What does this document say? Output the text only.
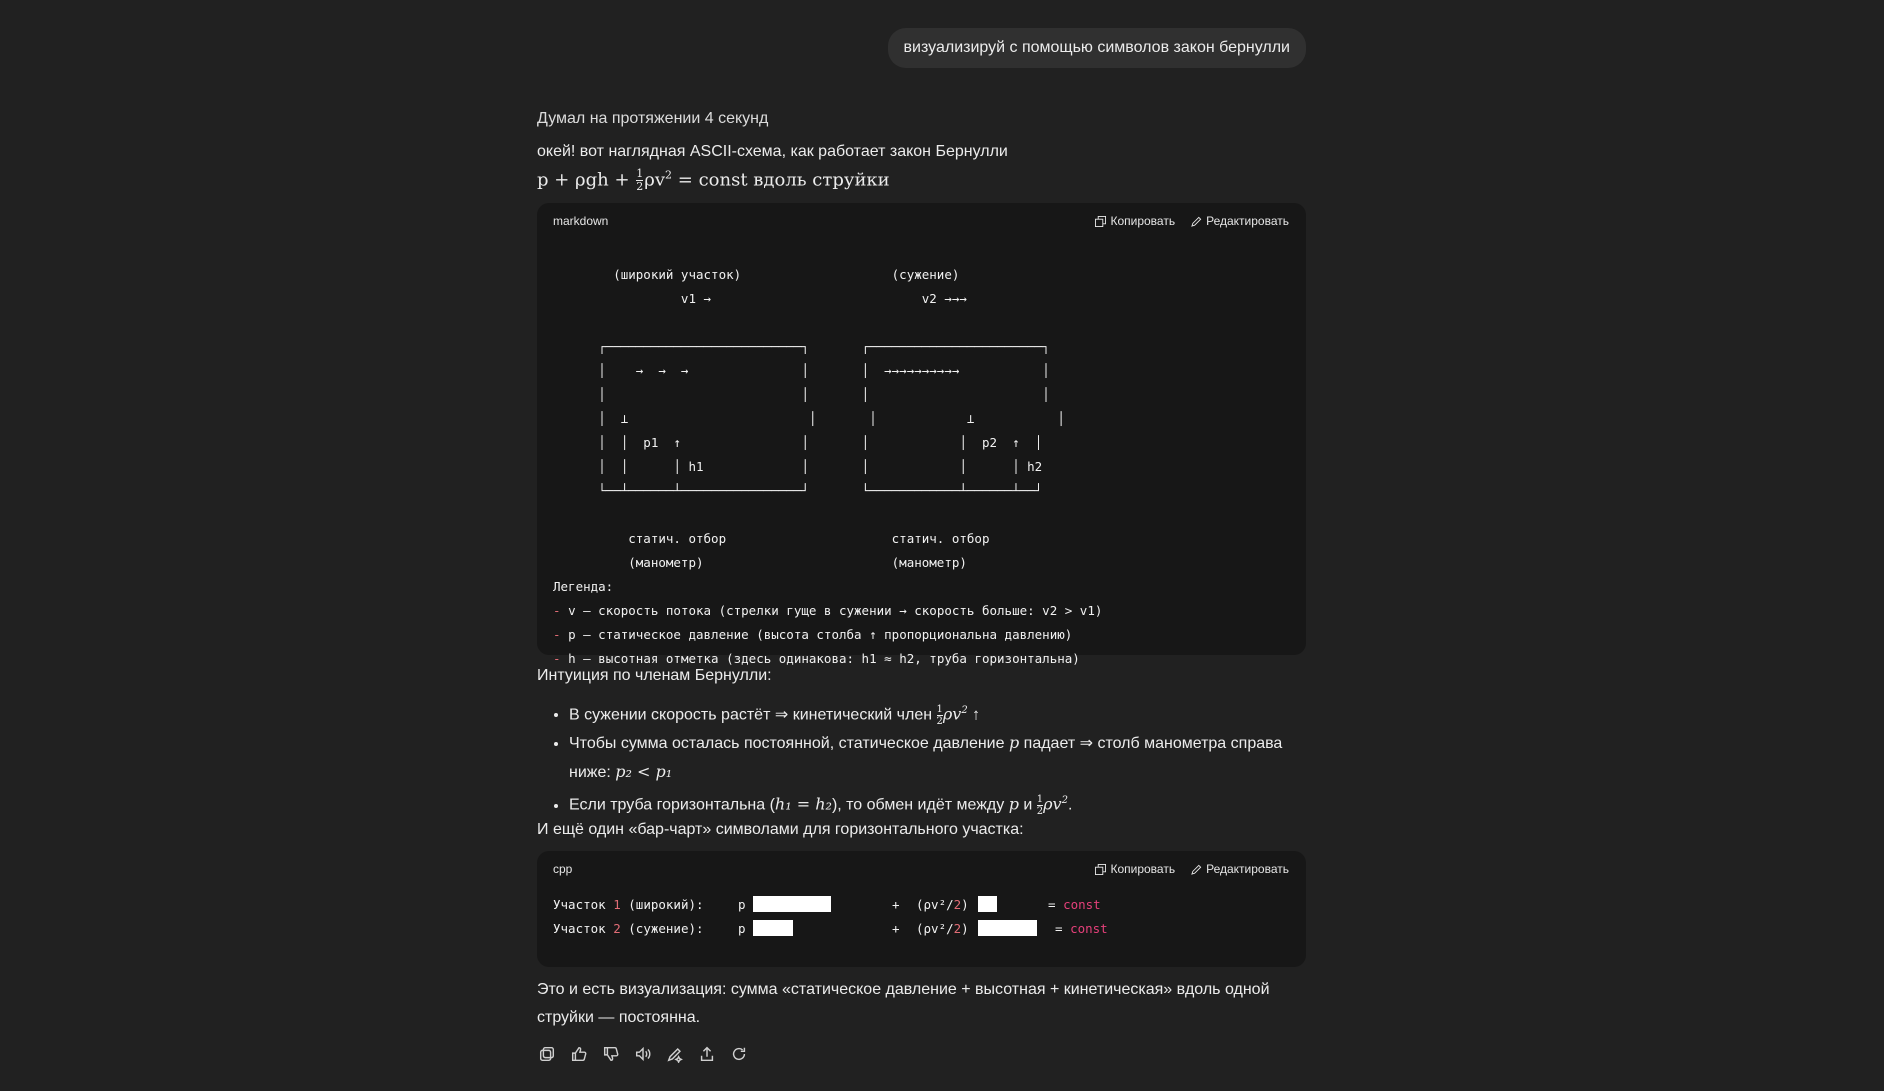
визуализируй с помощью символов закон бернулли
Думал на протяжении 4 секунд
окей! вот наглядная ASCII-схема, как работает закон Бернулли
$p + \rho gh + \frac{1}{2} \rho v^2$ = const вдоль струйки
markdown	Копировать	Редактировать

(широкий участок)                    (сужение)
v1 →                            v2 →→→

┌──────────────────────────┐       ┌───────────────────────┐
│    →  →  →               │       │  →→→→→→→→→→           │
│                          │       │                       │
│  ⊥                        │       │            ⊥           │
│  │  p1  ↑                │       │            │  p2  ↑  │
│  │      │ h1             │       │            │      │ h2
└──┴──────┴────────────────┘       └────────────┴──────┴──┘

статич. отбор                      статич. отбор
(манометр)                         (манометр)

Легенда:
- v — скорость потока (стрелки гуще в сужении → скорость больше: v2 > v1)
- p — статическое давление (высота столба ↑ пропорциональна давлению)
- h — высотная отметка (здесь одинакова: h1 ≈ h2, труба горизонтальна)
Интуиция по членам Бернулли:
• В сужении скорость растёт ⇒ кинетический член $\frac{1}{2} \rho v^2$ ↑
• Чтобы сумма осталась постоянной, статическое давление p падает ⇒ столб манометра справа ниже: p₂ < p₁
• Если труба горизонтальна (h₁ = h₂), то обмен идёт между p и $\frac{1}{2} \rho v^2$.
И ещё один «бар-чарт» символами для горизонтального участка:
cpp	Копировать	Редактировать
Участок 1 (широкий):	p	+	(ρv²/2)	= const
Участок 2 (сужение):	p	+	(ρv²/2)	= const
Это и есть визуализация: сумма «статическое давление + высотная + кинетическая» вдоль одной струйки — постоянна.
